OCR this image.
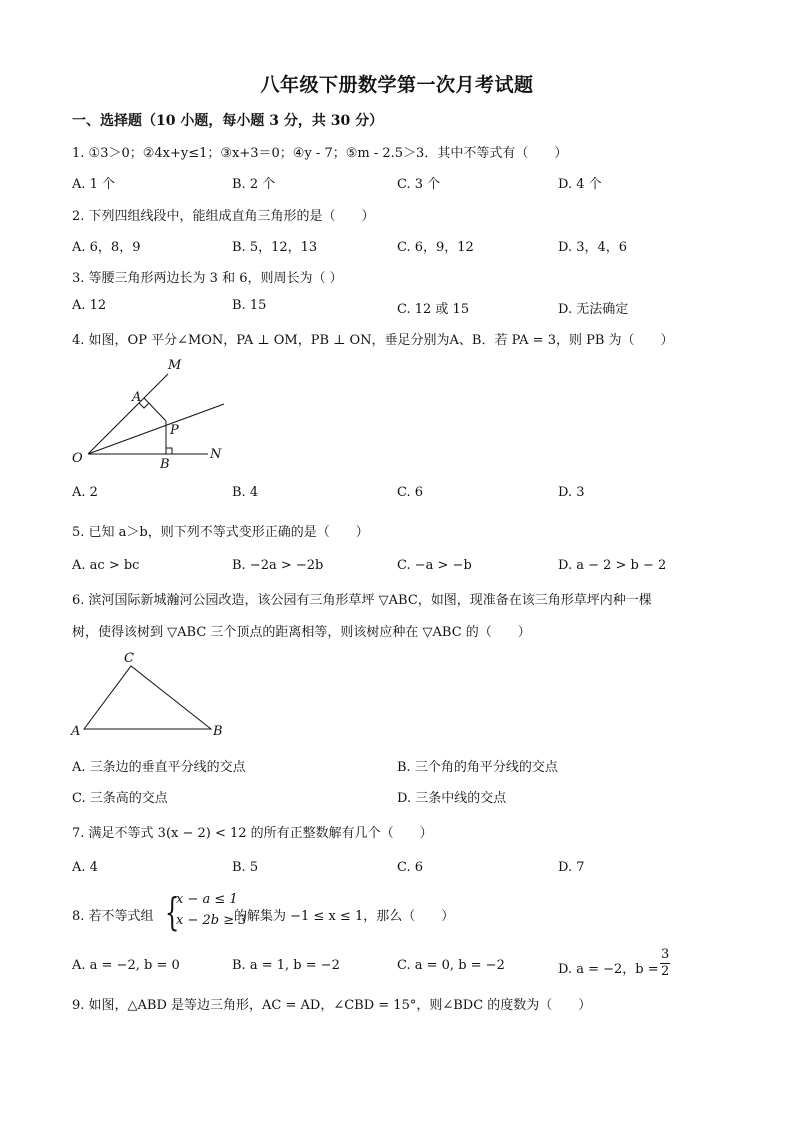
八年级下册数学第一次月考试题
一、选择题（10 小题，每小题 3 分，共 30 分）
1. ①3＞0；②4x+y≤1；③x+3＝0；④y - 7；⑤m - 2.5＞3．其中不等式有（　　）
A. 1 个	B. 2 个	C. 3 个	D. 4 个
2. 下列四组线段中，能组成直角三角形的是（　　）
A. 6，8，9	B. 5，12，13	C. 6，9，12	D. 3，4，6
3. 等腰三角形两边长为 3 和 6，则周长为（ ）
A. 12	B. 15	C. 12 或 15	D. 无法确定
4. 如图，OP 平分∠MON，PA ⊥ OM，PB ⊥ ON，垂足分别为A、B．若 PA = 3，则 PB 为（　　）
M
A
P
O	B
N
A. 2	B. 4	C. 6	D. 3
5. 已知 a＞b，则下列不等式变形正确的是（　　）
A. ac > bc	B. −2a > −2b	C. −a > −b	D. a − 2 > b − 2
6. 滨河国际新城瀚河公园改造，该公园有三角形草坪 ▽ABC，如图，现准备在该三角形草坪内种一棵
树，使得该树到 ▽ABC 三个顶点的距离相等，则该树应种在 ▽ABC 的（　　）
C
A	B
A. 三条边的垂直平分线的交点	B. 三个角的角平分线的交点
C. 三条高的交点	D. 三条中线的交点
7. 满足不等式 3(x − 2) < 12 的所有正整数解有几个（　　）
A. 4	B. 5	C. 6	D. 7
8. 若不等式组 {
x − a ≤ 1
x − 2b ≥ 3
的解集为 −1 ≤ x ≤ 1，那么（　　）
A. a = −2, b = 0	B. a = 1, b = −2	C. a = 0, b = −2	D. a = −2，$b = \frac{3}{2}$
9. 如图，△ABD 是等边三角形，AC = AD，∠CBD = 15°，则∠BDC 的度数为（　　）
